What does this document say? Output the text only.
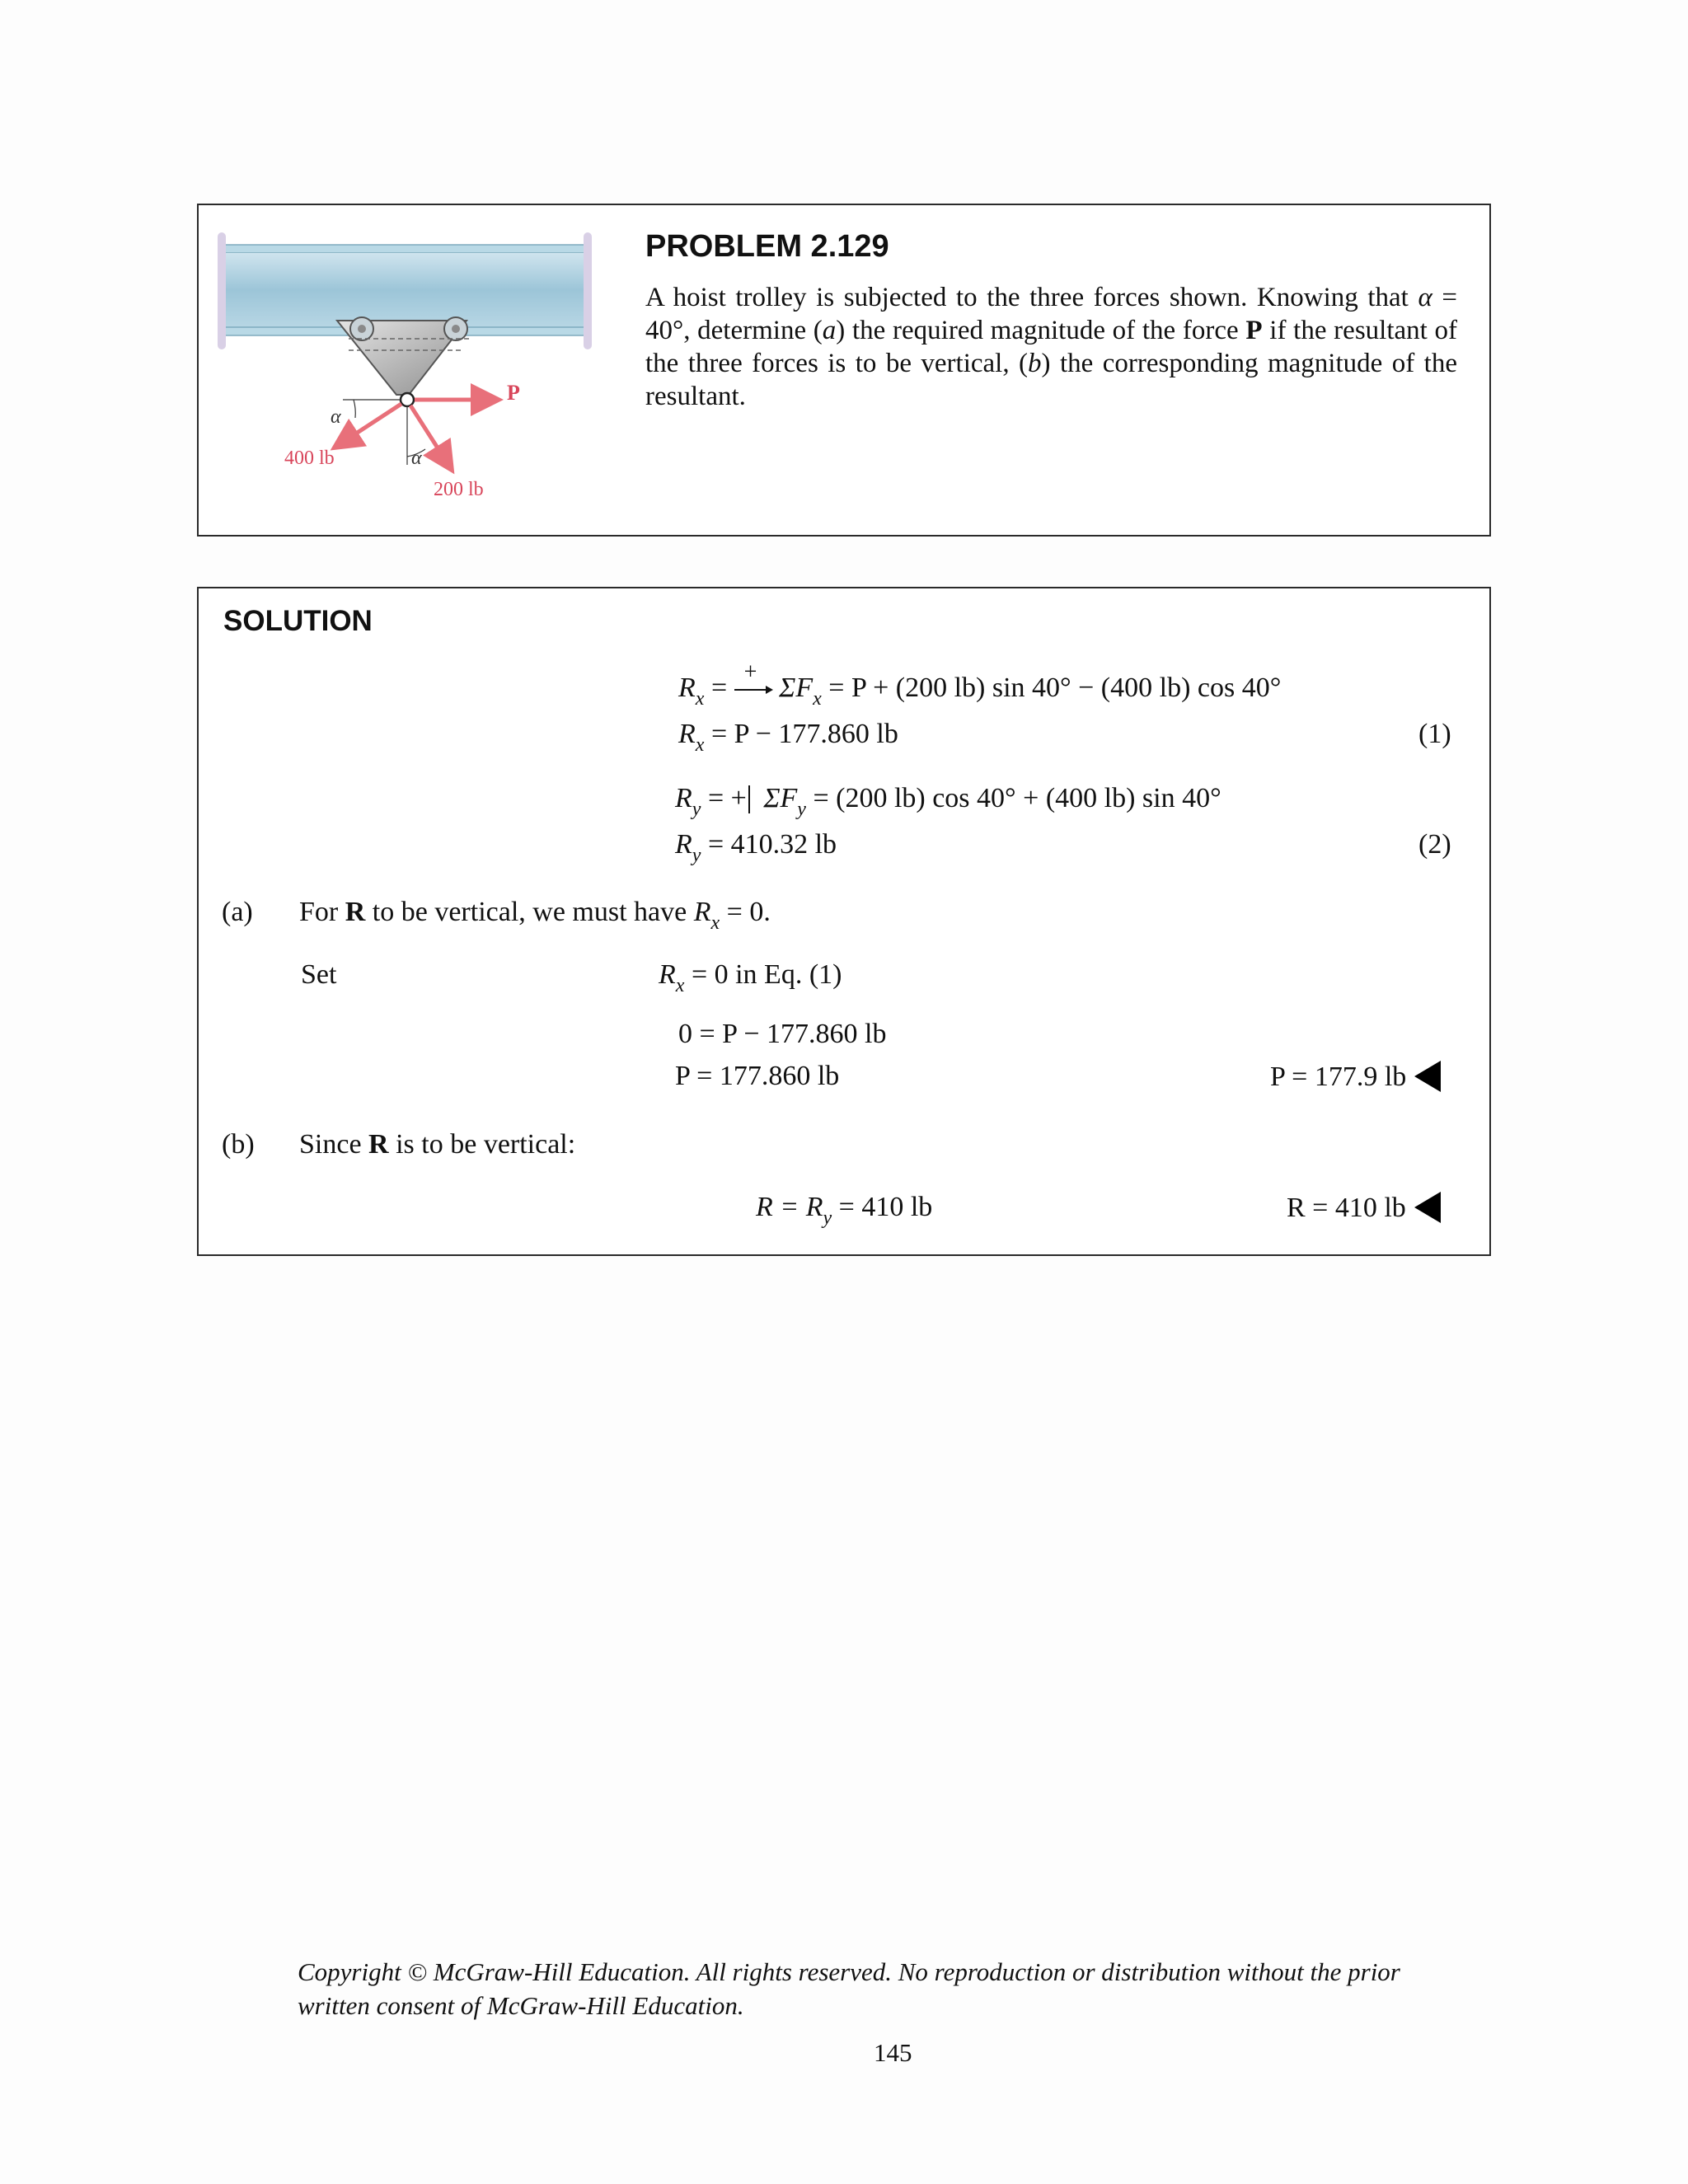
P
α
α
400 lb
200 lb
PROBLEM 2.129
A hoist trolley is subjected to the three forces shown. Knowing that α = 40°, determine (a) the required magnitude of the force P if the resultant of the three forces is to be vertical, (b) the corresponding magnitude of the resultant.
SOLUTION
$R_x$ =
+
$\Sigma F_x = P + (200$ lb) sin 40° − (400 lb) cos 40°
$R_x = P - 177.860$ lb	(1)
$R_y$ = + $\Sigma F_y = (200$ lb) cos 40° + (400 lb) sin 40°
$R_y = 410.32$ lb	(2)
(a) For R to be vertical, we must have $R_x = 0$.
Set	$R_x = 0$ in Eq. (1)
0 = P − 177.860 lb
P = 177.860 lb	P = 177.9 lb
(b) Since R is to be vertical:
$R = R_y = 410$ lb	R = 410 lb
Copyright © McGraw-Hill Education. All rights reserved. No reproduction or distribution without the prior written consent of McGraw-Hill Education.
145
